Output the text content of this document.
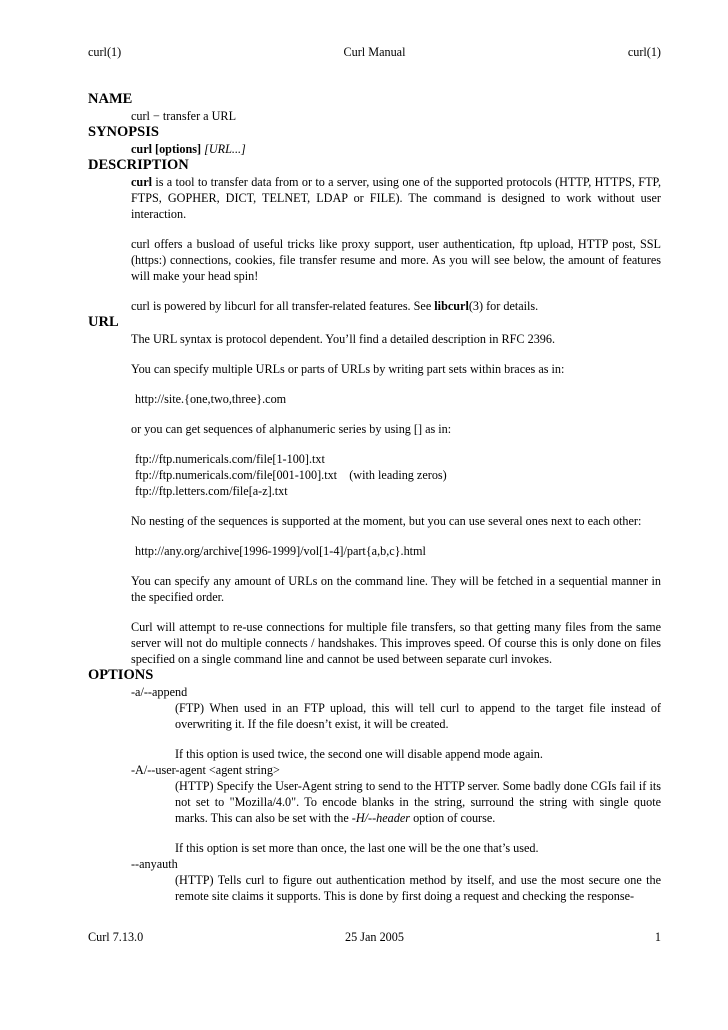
curl(1)	Curl Manual	curl(1)
NAME

curl − transfer a URL

SYNOPSIS

curl [options] [URL...]

DESCRIPTION

curl is a tool to transfer data from or to a server, using one of the supported protocols (HTTP, HTTPS, FTP, FTPS, GOPHER, DICT, TELNET, LDAP or FILE). The command is designed to work without user interaction.

curl offers a busload of useful tricks like proxy support, user authentication, ftp upload, HTTP post, SSL (https:) connections, cookies, file transfer resume and more. As you will see below, the amount of features will make your head spin!

curl is powered by libcurl for all transfer-related features. See libcurl(3) for details.

URL

The URL syntax is protocol dependent. You’ll find a detailed description in RFC 2396.

You can specify multiple URLs or parts of URLs by writing part sets within braces as in:

http://site.{one,two,three}.com

or you can get sequences of alphanumeric series by using [] as in:

ftp://ftp.numericals.com/file[1-100].txt

ftp://ftp.numericals.com/file[001-100].txt    (with leading zeros)

ftp://ftp.letters.com/file[a-z].txt

No nesting of the sequences is supported at the moment, but you can use several ones next to each other:

http://any.org/archive[1996-1999]/vol[1-4]/part{a,b,c}.html

You can specify any amount of URLs on the command line. They will be fetched in a sequential manner in the specified order.

Curl will attempt to re-use connections for multiple file transfers, so that getting many files from the same server will not do multiple connects / handshakes. This improves speed. Of course this is only done on files specified on a single command line and cannot be used between separate curl invokes.

OPTIONS

-a/--append

(FTP) When used in an FTP upload, this will tell curl to append to the target file instead of overwriting it. If the file doesn’t exist, it will be created.

If this option is used twice, the second one will disable append mode again.

-A/--user-agent <agent string>

(HTTP) Specify the User-Agent string to send to the HTTP server. Some badly done CGIs fail if its not set to "Mozilla/4.0". To encode blanks in the string, surround the string with single quote marks. This can also be set with the -H/--header option of course.

If this option is set more than once, the last one will be the one that’s used.

--anyauth

(HTTP) Tells curl to figure out authentication method by itself, and use the most secure one the remote site claims it supports. This is done by first doing a request and checking the response-

Curl 7.13.0	25 Jan 2005	1
